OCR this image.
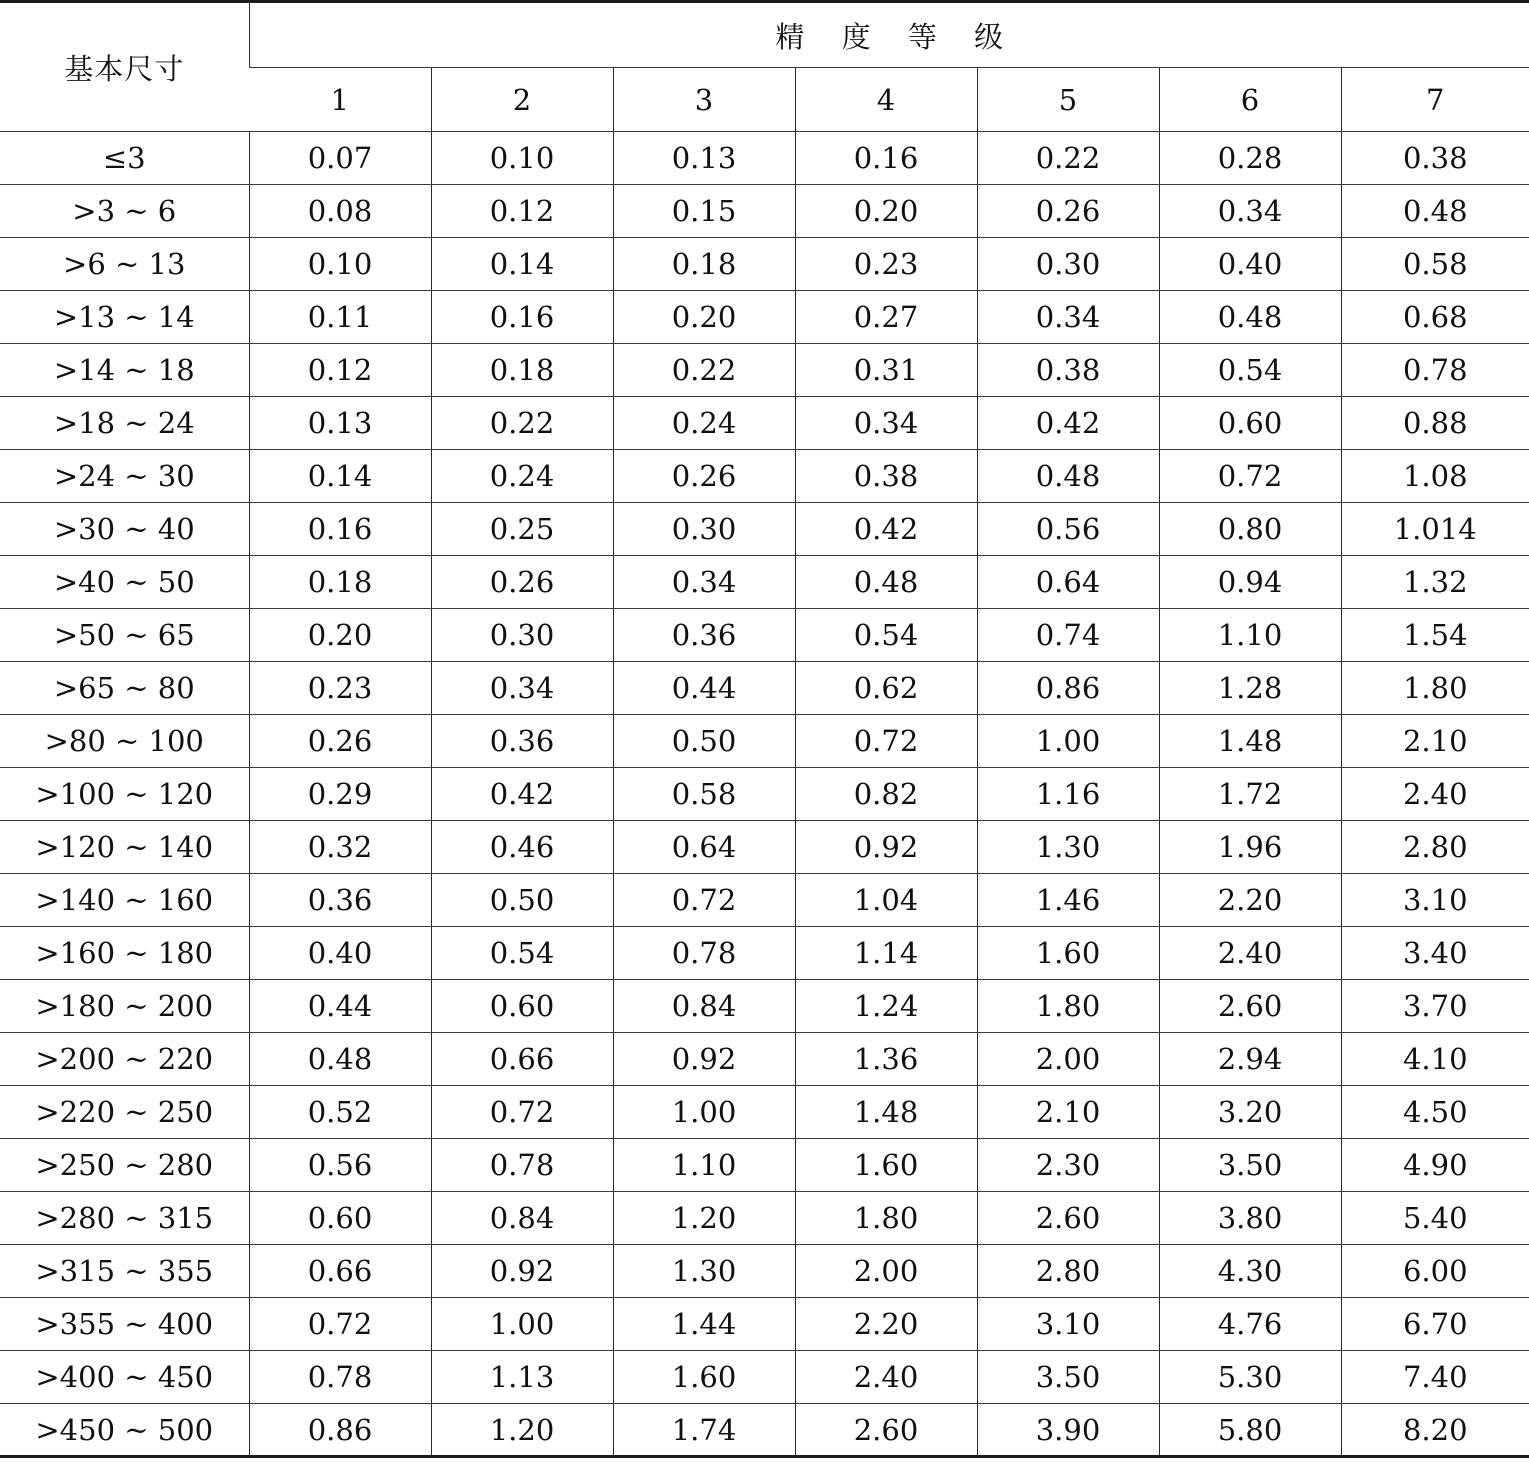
基本尺寸	精 度 等 级						
	1	2	3	4	5	6	7
≤3	0.07	0.10	0.13	0.16	0.22	0.28	0.38
>3 ~ 6	0.08	0.12	0.15	0.20	0.26	0.34	0.48
>6 ~ 13	0.10	0.14	0.18	0.23	0.30	0.40	0.58
>13 ~ 14	0.11	0.16	0.20	0.27	0.34	0.48	0.68
>14 ~ 18	0.12	0.18	0.22	0.31	0.38	0.54	0.78
>18 ~ 24	0.13	0.22	0.24	0.34	0.42	0.60	0.88
>24 ~ 30	0.14	0.24	0.26	0.38	0.48	0.72	1.08
>30 ~ 40	0.16	0.25	0.30	0.42	0.56	0.80	1.014
>40 ~ 50	0.18	0.26	0.34	0.48	0.64	0.94	1.32
>50 ~ 65	0.20	0.30	0.36	0.54	0.74	1.10	1.54
>65 ~ 80	0.23	0.34	0.44	0.62	0.86	1.28	1.80
>80 ~ 100	0.26	0.36	0.50	0.72	1.00	1.48	2.10
>100 ~ 120	0.29	0.42	0.58	0.82	1.16	1.72	2.40
>120 ~ 140	0.32	0.46	0.64	0.92	1.30	1.96	2.80
>140 ~ 160	0.36	0.50	0.72	1.04	1.46	2.20	3.10
>160 ~ 180	0.40	0.54	0.78	1.14	1.60	2.40	3.40
>180 ~ 200	0.44	0.60	0.84	1.24	1.80	2.60	3.70
>200 ~ 220	0.48	0.66	0.92	1.36	2.00	2.94	4.10
>220 ~ 250	0.52	0.72	1.00	1.48	2.10	3.20	4.50
>250 ~ 280	0.56	0.78	1.10	1.60	2.30	3.50	4.90
>280 ~ 315	0.60	0.84	1.20	1.80	2.60	3.80	5.40
>315 ~ 355	0.66	0.92	1.30	2.00	2.80	4.30	6.00
>355 ~ 400	0.72	1.00	1.44	2.20	3.10	4.76	6.70
>400 ~ 450	0.78	1.13	1.60	2.40	3.50	5.30	7.40
>450 ~ 500	0.86	1.20	1.74	2.60	3.90	5.80	8.20
